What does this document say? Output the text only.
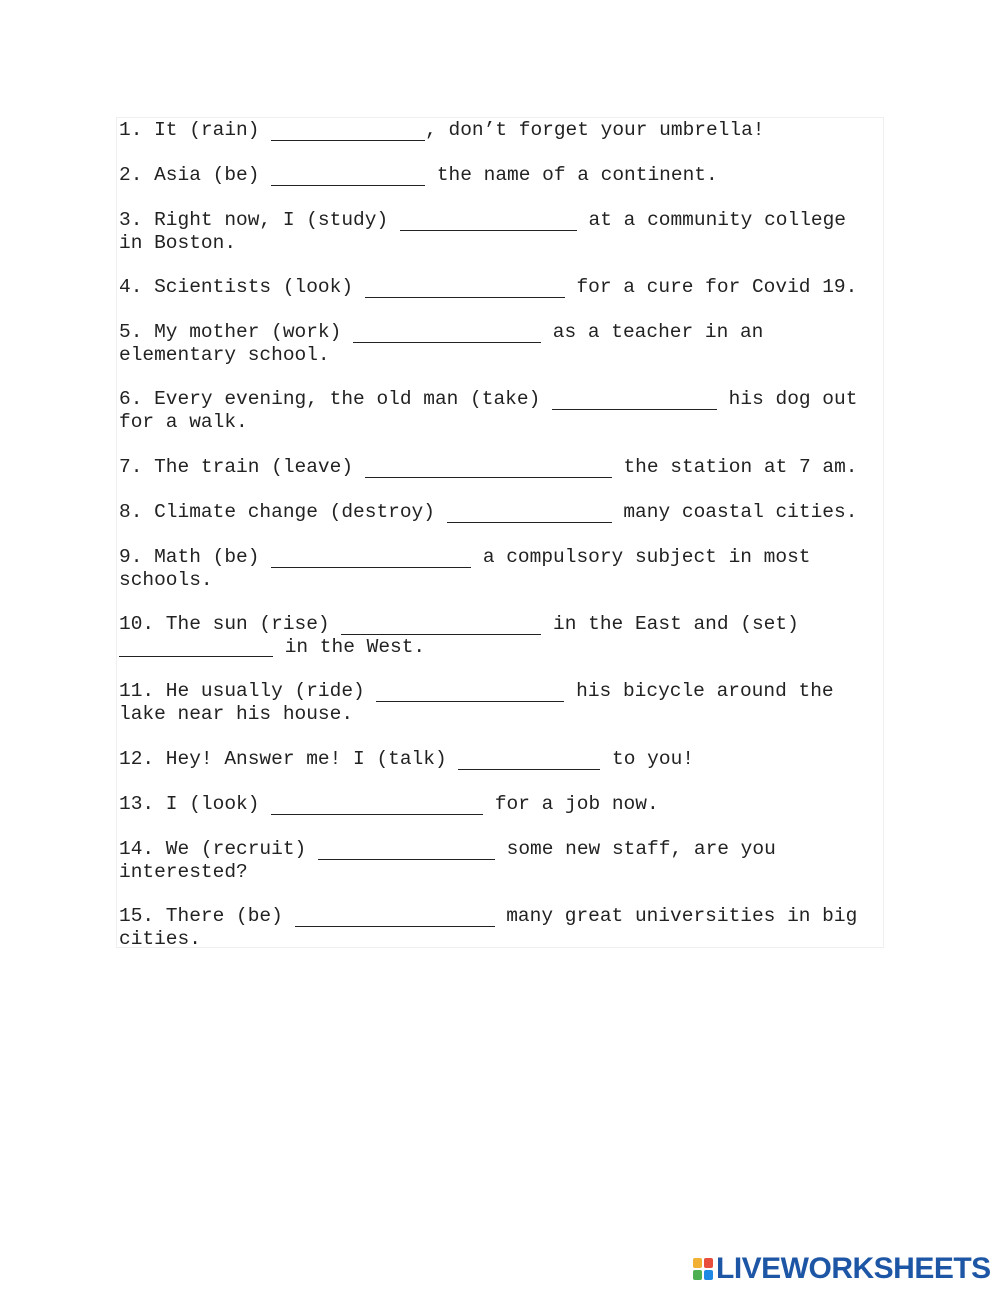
1. It (rain)	, don’t forget your umbrella!
2. Asia (be)	the name of a continent.
3. Right now, I (study)	at a community college in Boston.
4. Scientists (look)	for a cure for Covid 19.
5. My mother (work)	as a teacher in an elementary school.
6. Every evening, the old man (take)	his dog out for a walk.
7. The train (leave)	the station at 7 am.
8. Climate change (destroy)	many coastal cities.
9. Math (be)	a compulsory subject in most schools.
10. The sun (rise)	in the East and (set)  in the West.
11. He usually (ride)	his bicycle around the lake near his house.
12. Hey! Answer me! I (talk)	to you!
13. I (look)	for a job now.
14. We (recruit)	some new staff, are you interested?
15. There (be)	many great universities in big cities.
LIVEWORKSHEETS
